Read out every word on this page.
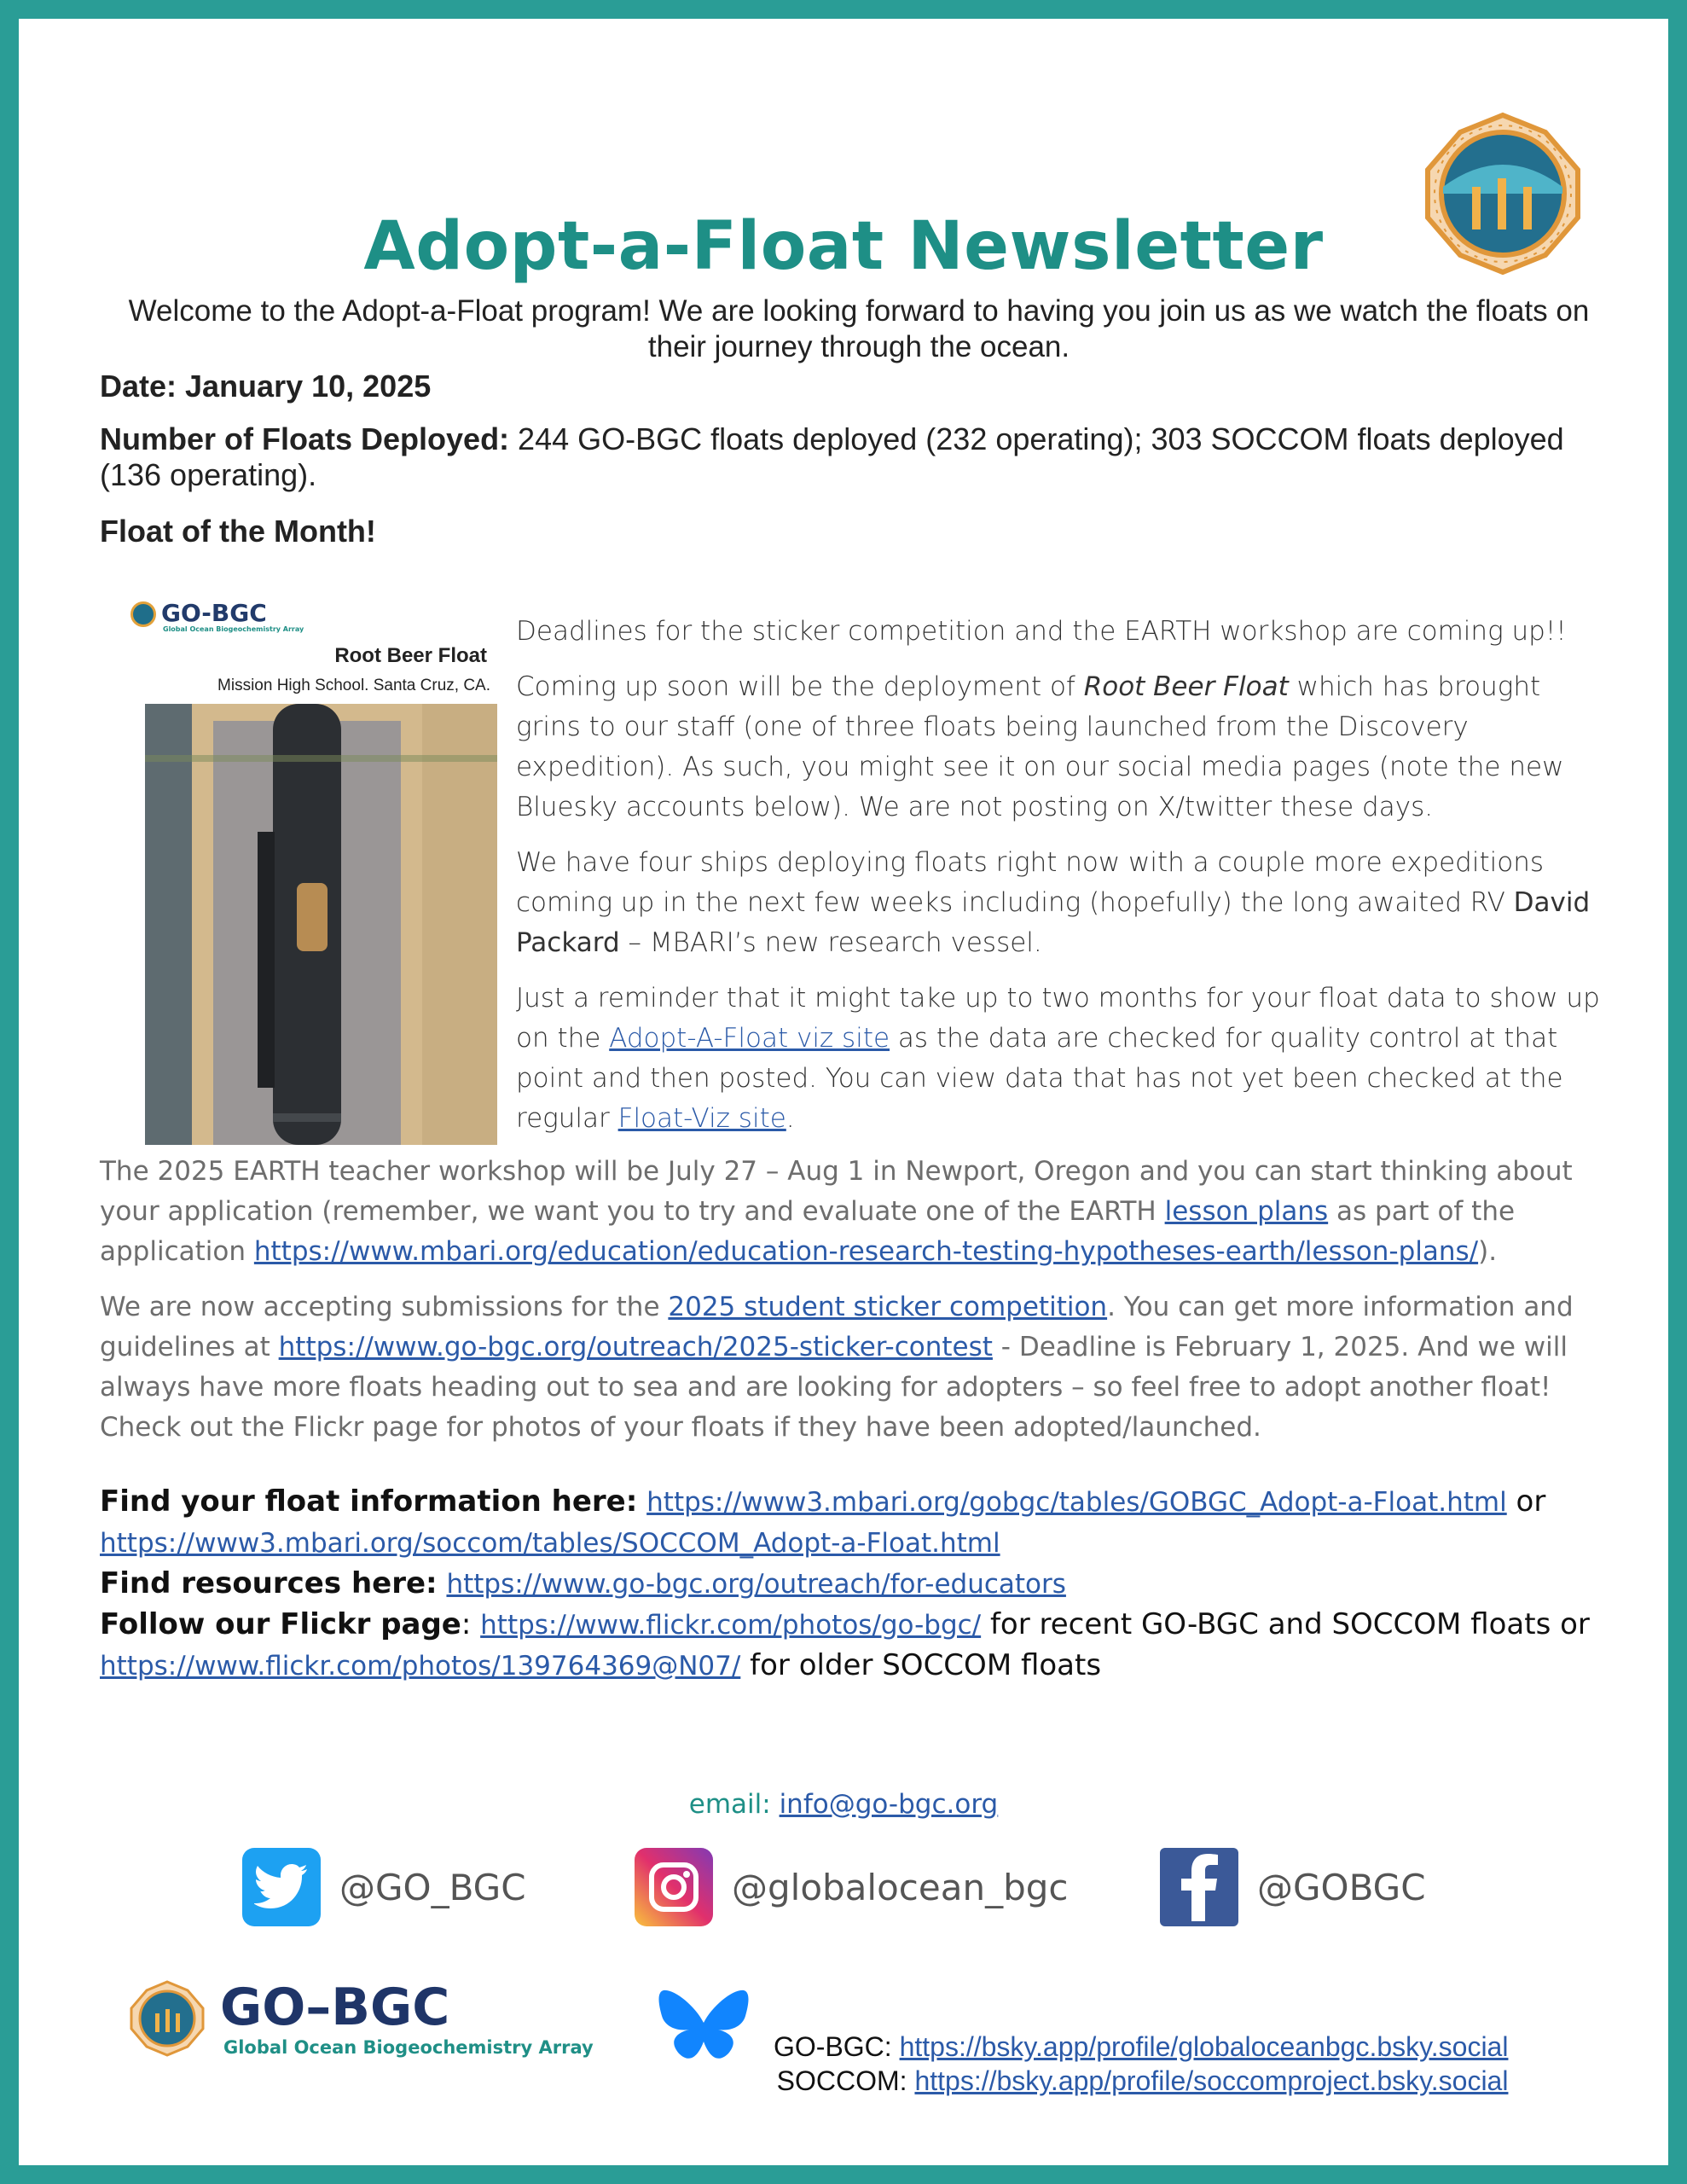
Adopt-a-Float Newsletter
Welcome to the Adopt-a-Float program! We are looking forward to having you join us as we watch the floats on their journey through the ocean.
Date: January 10, 2025
Number of Floats Deployed: 244 GO-BGC floats deployed (232 operating); 303 SOCCOM floats deployed (136 operating).
Float of the Month!
GO-BGC
Global Ocean Biogeochemistry Array
Root Beer Float
Mission High School. Santa Cruz, CA.

Deadlines for the sticker competition and the EARTH workshop are coming up!!

Coming up soon will be the deployment of Root Beer Float which has brought grins to our staff (one of three floats being launched from the Discovery expedition). As such, you might see it on our social media pages (note the new Bluesky accounts below). We are not posting on X/twitter these days.

We have four ships deploying floats right now with a couple more expeditions coming up in the next few weeks including (hopefully) the long awaited RV David Packard – MBARI’s new research vessel.

Just a reminder that it might take up to two months for your float data to show up on the Adopt-A-Float viz site as the data are checked for quality control at that point and then posted. You can view data that has not yet been checked at the regular Float-Viz site.

The 2025 EARTH teacher workshop will be July 27 – Aug 1 in Newport, Oregon and you can start thinking about your application (remember, we want you to try and evaluate one of the EARTH lesson plans as part of the application https://www.mbari.org/education/education-research-testing-hypotheses-earth/lesson-plans/).

We are now accepting submissions for the 2025 student sticker competition. You can get more information and guidelines at https://www.go-bgc.org/outreach/2025-sticker-contest - Deadline is February 1, 2025. And we will always have more floats heading out to sea and are looking for adopters – so feel free to adopt another float! Check out the Flickr page for photos of your floats if they have been adopted/launched.

Find your float information here: https://www3.mbari.org/gobgc/tables/GOBGC_Adopt-a-Float.html or
https://www3.mbari.org/soccom/tables/SOCCOM_Adopt-a-Float.html
Find resources here: https://www.go-bgc.org/outreach/for-educators
Follow our Flickr page: https://www.flickr.com/photos/go-bgc/ for recent GO-BGC and SOCCOM floats or https://www.flickr.com/photos/139764369@N07/ for older SOCCOM floats
email: info@go-bgc.org
@GO_BGC	@globalocean_bgc	@GOBGC
GO–BGC
Global Ocean Biogeochemistry Array	GO-BGC: https://bsky.app/profile/globaloceanbgc.bsky.social
SOCCOM: https://bsky.app/profile/soccomproject.bsky.social
